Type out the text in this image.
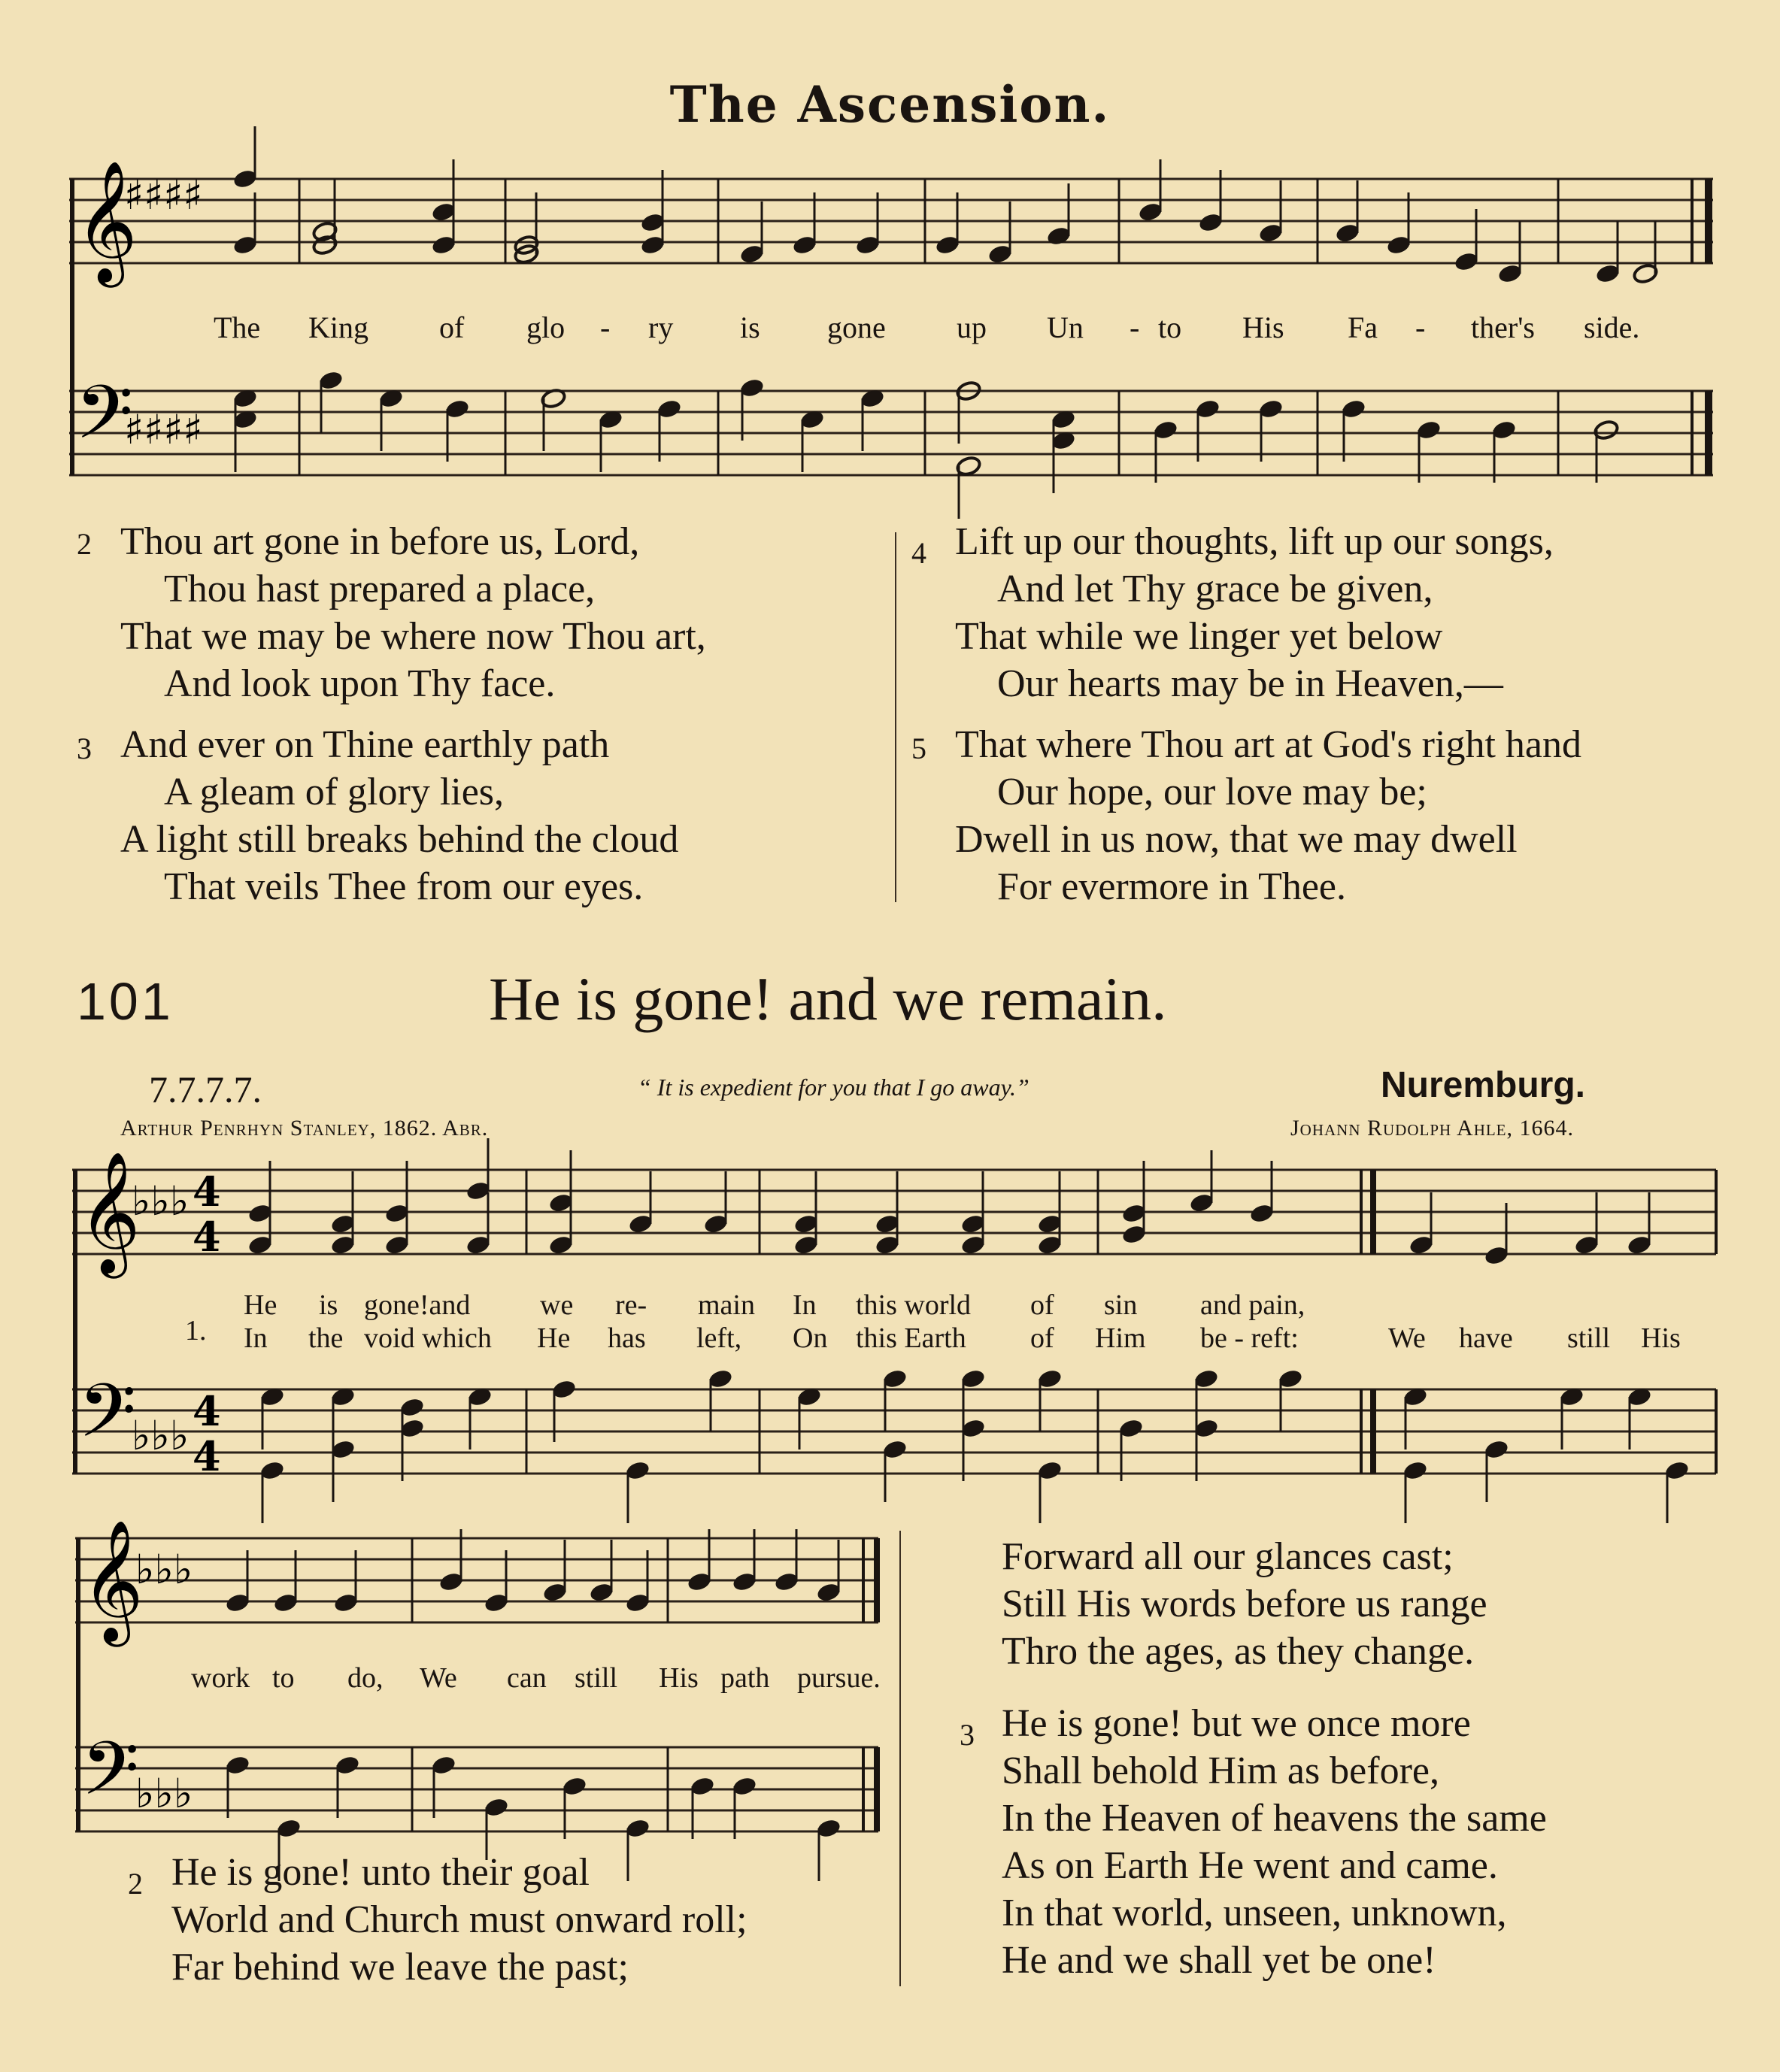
The Ascension.
𝄞
𝄢
♯♯♯♯
♯♯♯♯
𝄞
𝄢
♭♭♭
♭♭♭
4
4
4
4
𝄞
𝄢
♭♭♭
♭♭♭
The King of glo - ry is gone up Un - to His Fa - ther's side.
2 Thou art gone in before us, Lord,
Thou hast prepared a place,
That we may be where now Thou art,
And look upon Thy face.
3 And ever on Thine earthly path
A gleam of glory lies,
A light still breaks behind the cloud
That veils Thee from our eyes.
4 Lift up our thoughts, lift up our songs,
And let Thy grace be given,
That while we linger yet below
Our hearts may be in Heaven,—
5 That where Thou art at God's right hand
Our hope, our love may be;
Dwell in us now, that we may dwell
For evermore in Thee.
101	He is gone! and we remain.
7.7.7.7.	“ It is expedient for you that I go away.”	Nuremburg.
Arthur Penrhyn Stanley, 1862. Abr.	Johann Rudolph Ahle, 1664.
1.
He is gone!and we re- main In this world of sin and pain,
In the void which He has left, On this Earth of Him be - reft:	We have still His
work to do, We can still His path pursue.
Forward all our glances cast;
Still His words before us range
Thro the ages, as they change.
2 He is gone! unto their goal
World and Church must onward roll;
Far behind we leave the past;
3 He is gone! but we once more
Shall behold Him as before,
In the Heaven of heavens the same
As on Earth He went and came.
In that world, unseen, unknown,
He and we shall yet be one!
